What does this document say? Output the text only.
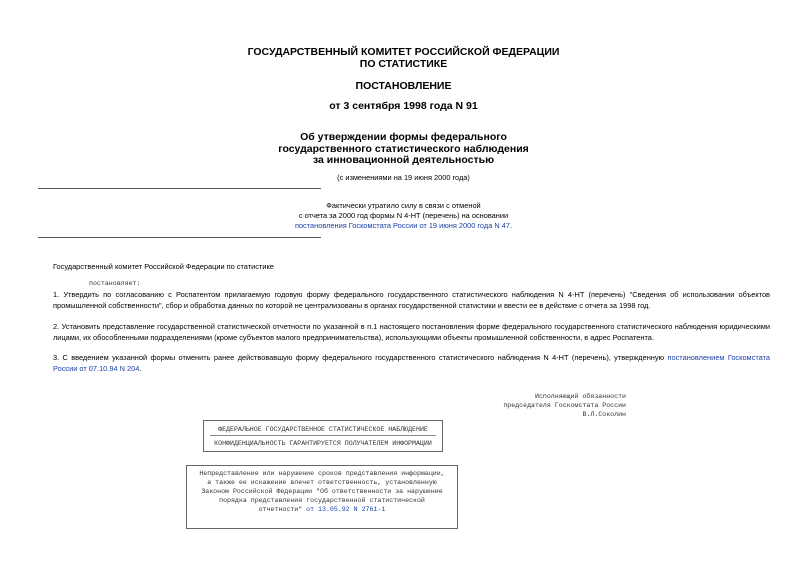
ГОСУДАРСТВЕННЫЙ КОМИТЕТ РОССИЙСКОЙ ФЕДЕРАЦИИ
ПО СТАТИСТИКЕ
ПОСТАНОВЛЕНИЕ
от 3 сентября 1998 года N 91
Об утверждении формы федерального
государственного статистического наблюдения
за инновационной деятельностью
(с изменениями на 19 июня 2000 года)
Фактически утратило силу в связи с отменой
с отчета за 2000 год формы N 4-НТ (перечень) на основании
постановления Госкомстата России от 19 июня 2000 года N 47.
Государственный комитет Российской Федерации по статистике
постановляет:
1. Утвердить по согласованию с Роспатентом прилагаемую годовую форму федерального государственного статистического наблюдения N 4-НТ (перечень) "Сведения об использовании объектов промышленной собственности", сбор и обработка данных по которой не централизованы в органах государственной статистики и ввести ее в действие с отчета за 1998 год.
2. Установить представление государственной статистической отчетности по указанной в п.1 настоящего постановления форме федерального государственного статистического наблюдения юридическими лицами, их обособленными подразделениями (кроме субъектов малого предпринимательства), использующими объекты промышленной собственности, в адрес Роспатента.
3. С введением указанной формы отменить ранее действовавшую форму федерального государственного статистического наблюдения N 4-НТ (перечень), утвержденную постановлением Госкомстата России от 07.10.94 N 204.
Исполняющий обязанности
председателя Госкомстата России
В.Л.Соколин
ФЕДЕРАЛЬНОЕ ГОСУДАРСТВЕННОЕ СТАТИСТИЧЕСКОЕ НАБЛЮДЕНИЕ
КОНФИДЕНЦИАЛЬНОСТЬ ГАРАНТИРУЕТСЯ ПОЛУЧАТЕЛЕМ ИНФОРМАЦИИ
Непредставление или нарушение сроков представления информации,
а также ее искажение влечет ответственность, установленную
Законом Российской Федерации "Об ответственности за нарушение
порядка представления государственной статистической
отчетности" от 13.05.92 N 2761-1
